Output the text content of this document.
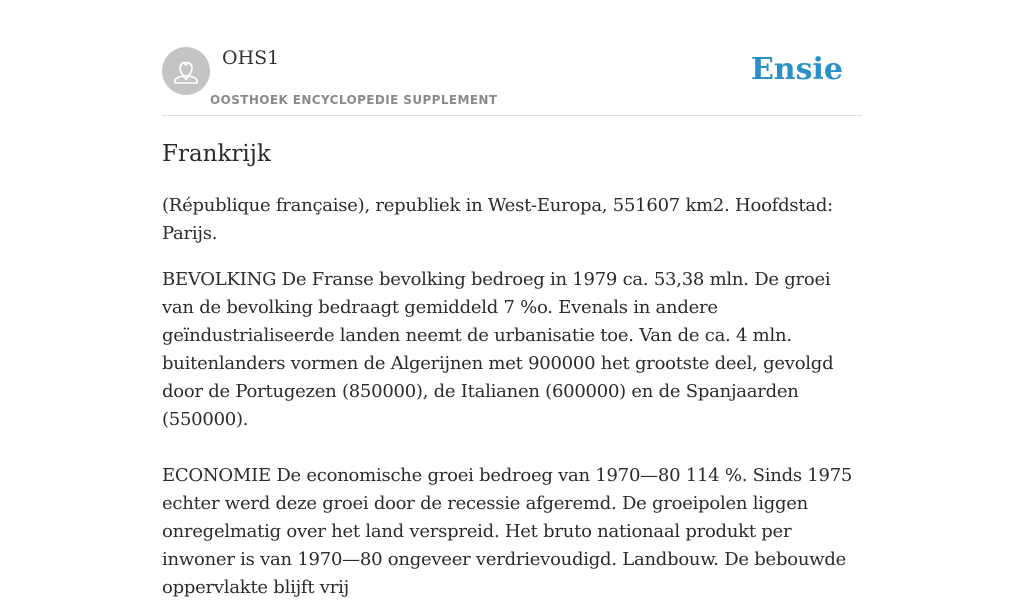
OHS1
OOSTHOEK ENCYCLOPEDIE SUPPLEMENT
Ensie
Frankrijk

(République française), republiek in West-Europa, 551607 km2. Hoofdstad: Parijs.

BEVOLKING De Franse bevolking bedroeg in 1979 ca. 53,38 mln. De groei van de bevolking bedraagt gemiddeld 7 %o. Evenals in andere geïndustrialiseerde landen neemt de urbanisatie toe. Van de ca. 4 mln. buitenlanders vormen de Algerijnen met 900000 het grootste deel, gevolgd door de Portugezen (850000), de Italianen (600000) en de Spanjaarden (550000).

ECONOMIE De economische groei bedroeg van 1970—80 114 %. Sinds 1975 echter werd deze groei door de recessie afgeremd. De groeipolen liggen onregelmatig over het land verspreid. Het bruto nationaal produkt per inwoner is van 1970—80 ongeveer verdrievoudigd. Landbouw. De bebouwde oppervlakte blijft vrij
